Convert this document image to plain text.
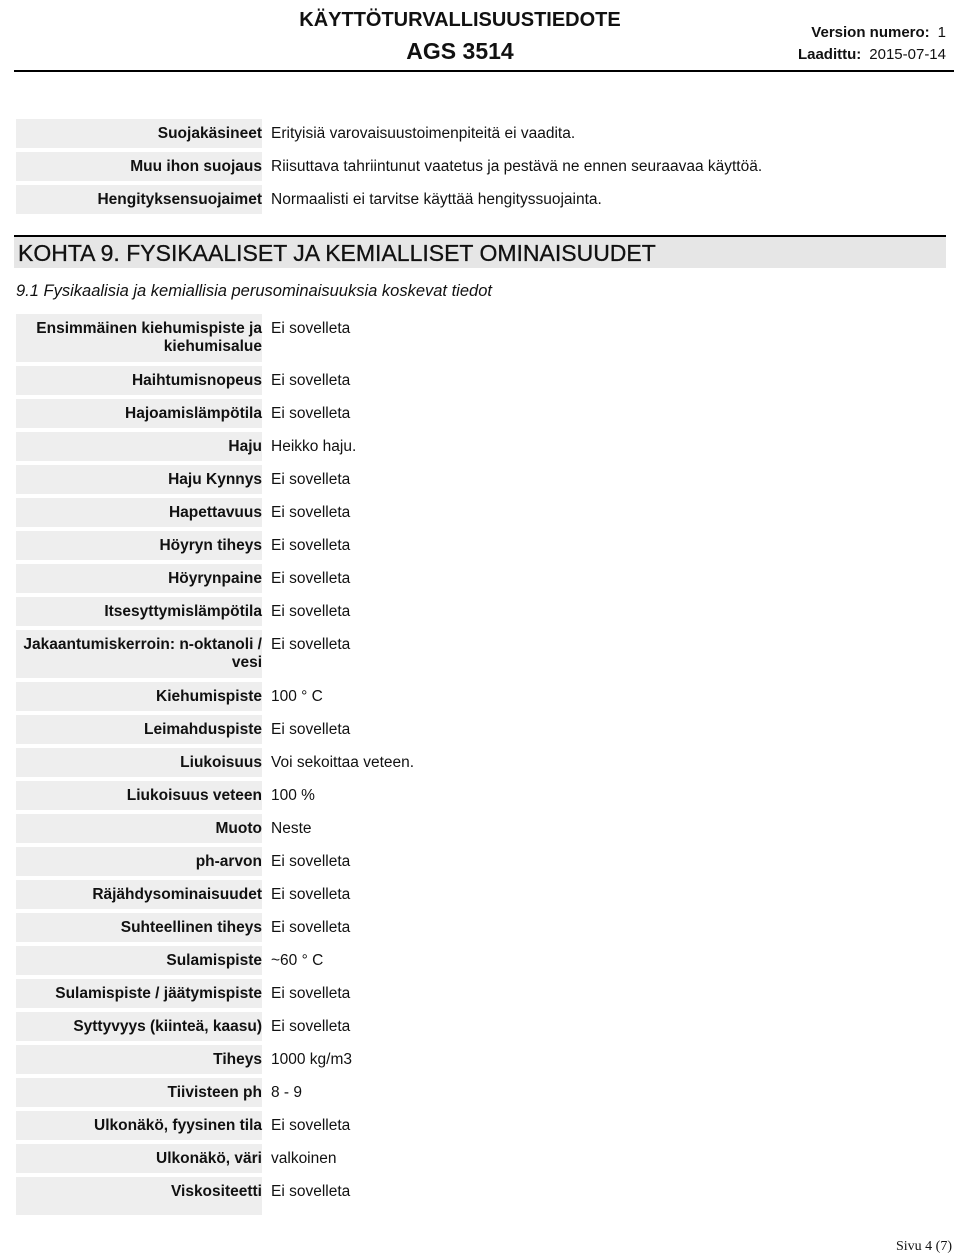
KÄYTTÖTURVALLISUUSTIEDOTE
AGS 3514
Version numero: 1
Laadittu: 2015-07-14
Suojakäsineet Erityisiä varovaisuustoimenpiteitä ei vaadita.
Muu ihon suojaus Riisuttava tahriintunut vaatetus ja pestävä ne ennen seuraavaa käyttöä.
Hengityksensuojaimet Normaalisti ei tarvitse käyttää hengityssuojainta.
KOHTA 9. FYSIKAALISET JA KEMIALLISET OMINAISUUDET
9.1 Fysikaalisia ja kemiallisia perusominaisuuksia koskevat tiedot
Ensimmäinen kiehumispiste ja kiehumisalue
Ei sovelleta
Haihtumisnopeus Ei sovelleta
Hajoamislämpötila Ei sovelleta
Haju Heikko haju.
Haju Kynnys Ei sovelleta
Hapettavuus Ei sovelleta
Höyryn tiheys Ei sovelleta
Höyrynpaine Ei sovelleta
Itsesyttymislämpötila Ei sovelleta
Jakaantumiskerroin: n-oktanoli / vesi
Ei sovelleta
Kiehumispiste 100 ° C
Leimahduspiste Ei sovelleta
Liukoisuus Voi sekoittaa veteen.
Liukoisuus veteen 100 %
Muoto Neste
ph-arvon Ei sovelleta
Räjähdysominaisuudet Ei sovelleta
Suhteellinen tiheys Ei sovelleta
Sulamispiste ~60 ° C
Sulamispiste / jäätymispiste Ei sovelleta
Syttyvyys (kiinteä, kaasu) Ei sovelleta
Tiheys 1000 kg/m3
Tiivisteen ph 8 - 9
Ulkonäkö, fyysinen tila Ei sovelleta
Ulkonäkö, väri valkoinen
Viskositeetti Ei sovelleta
Sivu 4 (7)
